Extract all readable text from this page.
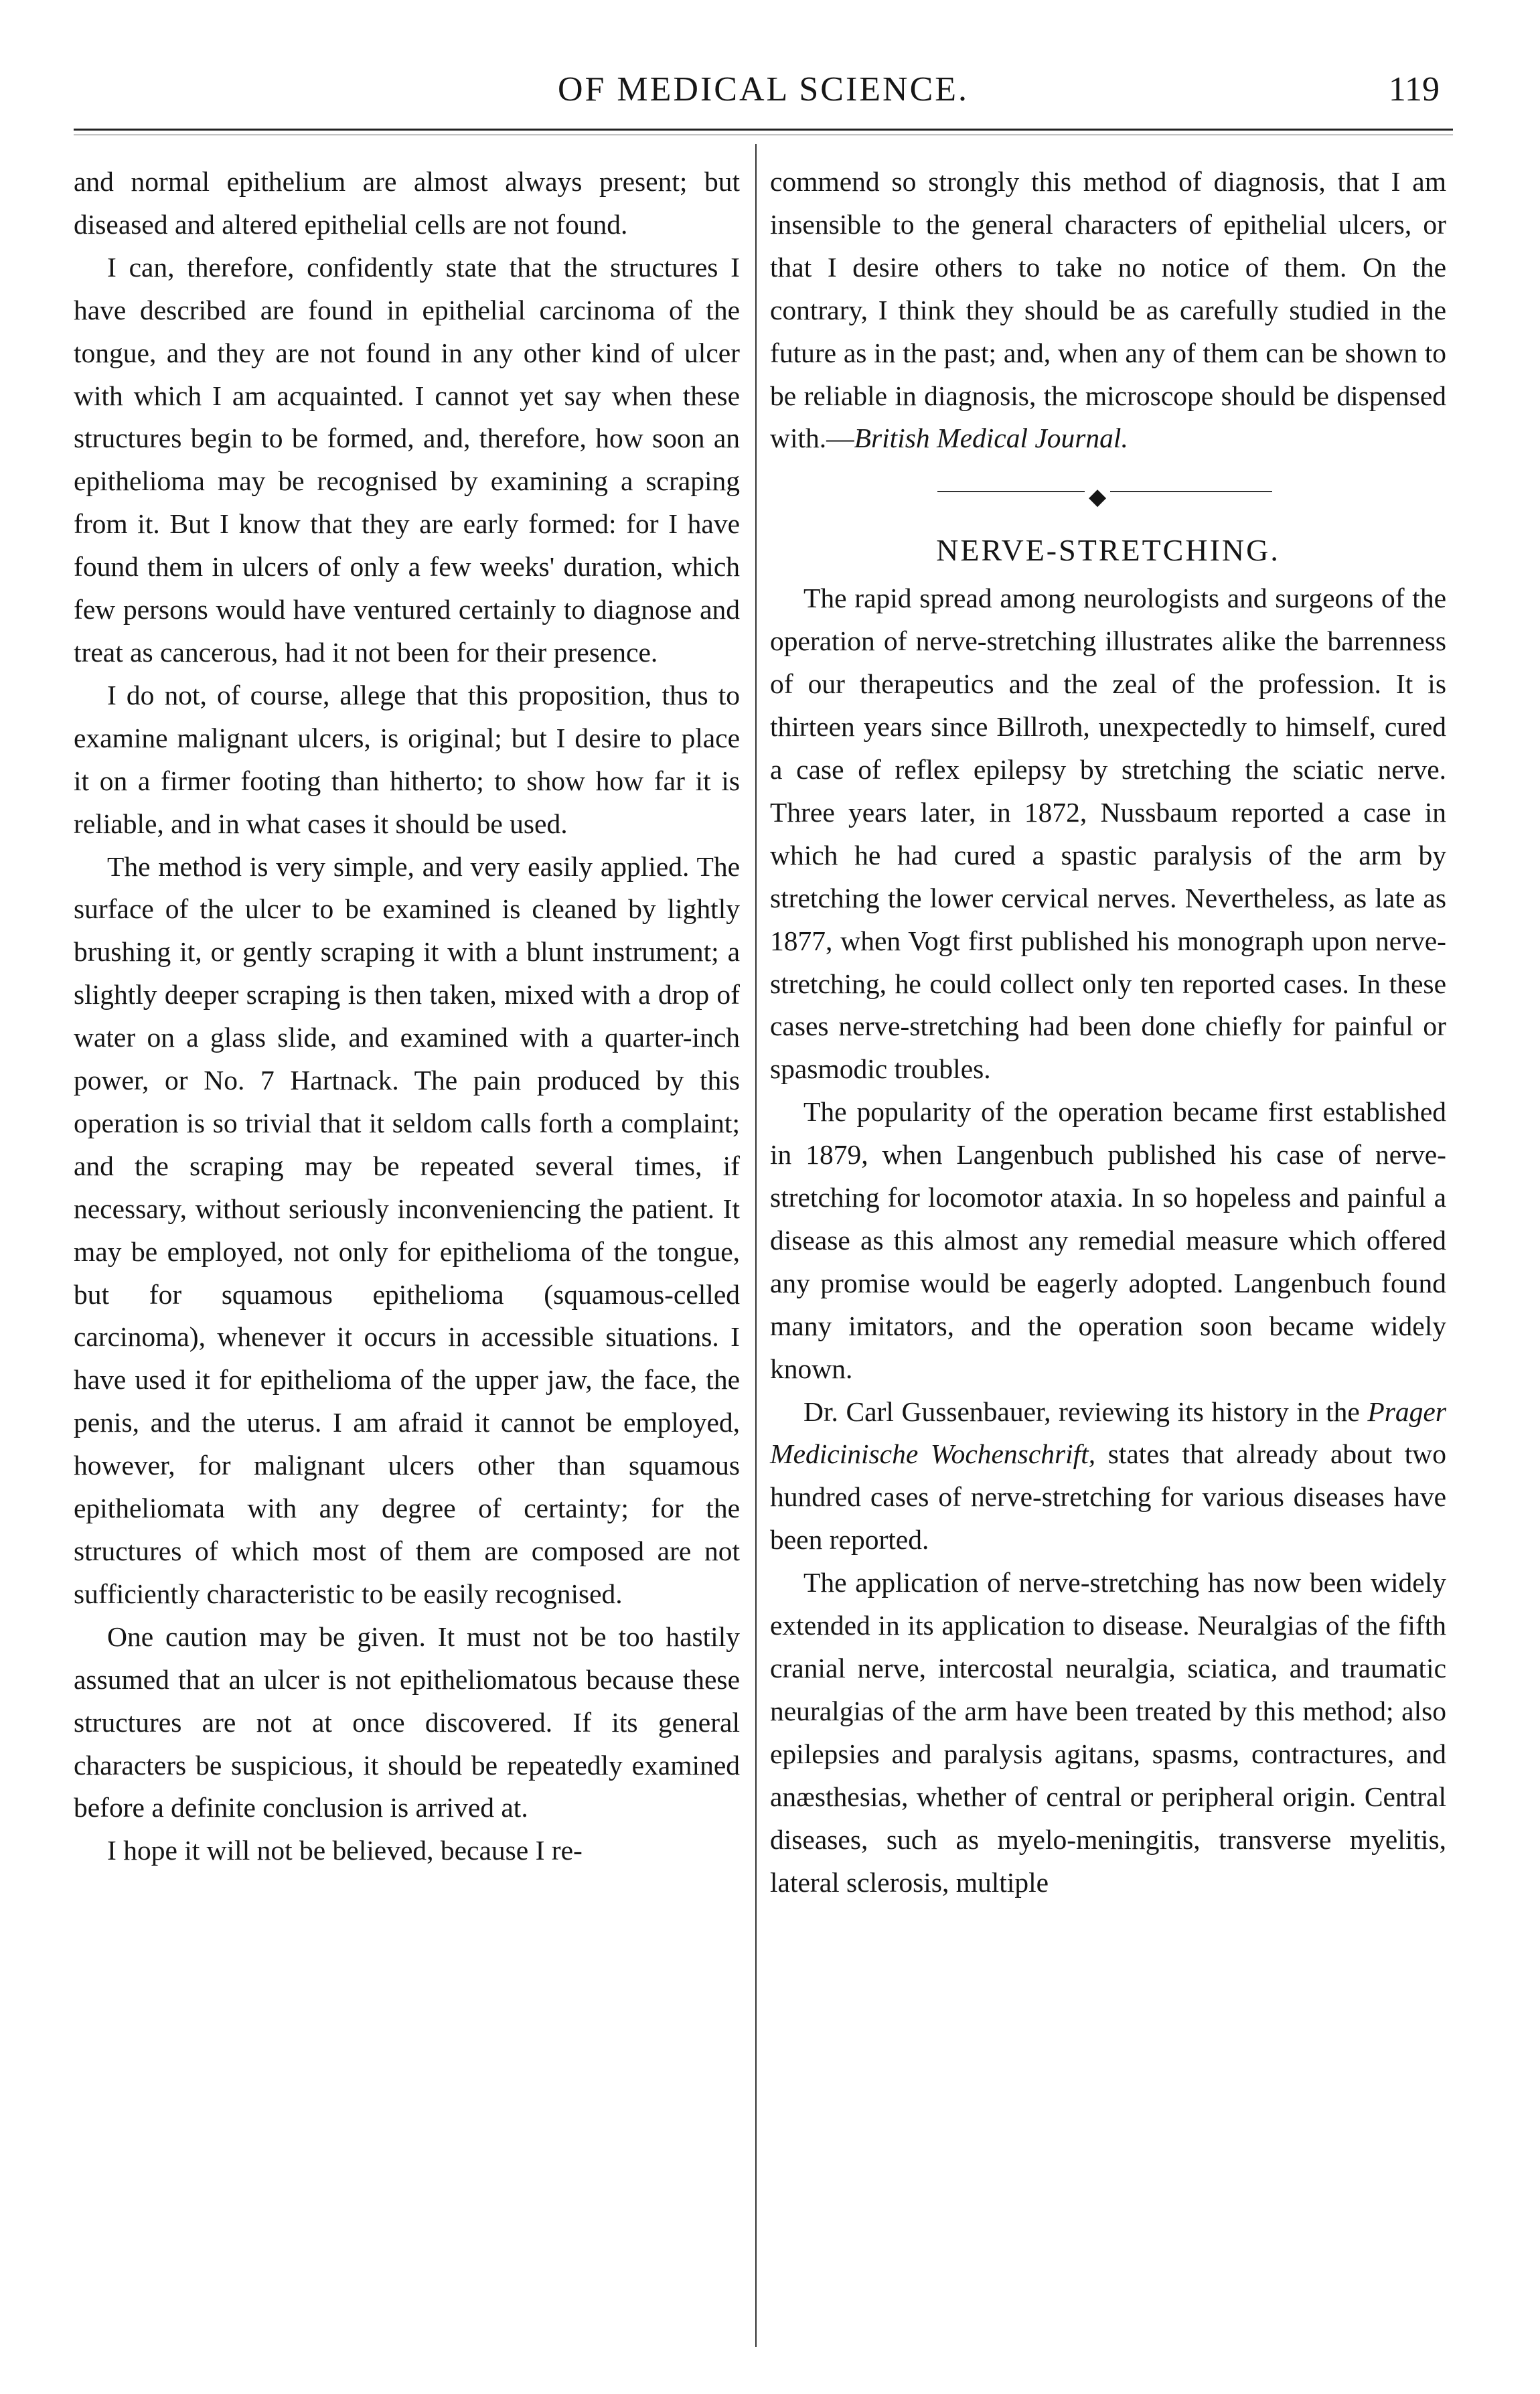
OF MEDICAL SCIENCE.	119

and normal epithelium are almost always present; but diseased and altered epithelial cells are not found.

I can, therefore, confidently state that the structures I have described are found in epithelial carcinoma of the tongue, and they are not found in any other kind of ulcer with which I am acquainted. I cannot yet say when these structures begin to be formed, and, therefore, how soon an epithelioma may be recognised by examining a scraping from it. But I know that they are early formed: for I have found them in ulcers of only a few weeks' duration, which few persons would have ventured certainly to diagnose and treat as cancerous, had it not been for their presence.

I do not, of course, allege that this proposition, thus to examine malignant ulcers, is original; but I desire to place it on a firmer footing than hitherto; to show how far it is reliable, and in what cases it should be used.

The method is very simple, and very easily applied. The surface of the ulcer to be examined is cleaned by lightly brushing it, or gently scraping it with a blunt instrument; a slightly deeper scraping is then taken, mixed with a drop of water on a glass slide, and examined with a quarter-inch power, or No. 7 Hartnack. The pain produced by this operation is so trivial that it seldom calls forth a complaint; and the scraping may be repeated several times, if necessary, without seriously inconveniencing the patient. It may be employed, not only for epithelioma of the tongue, but for squamous epithelioma (squamous-celled carcinoma), whenever it occurs in accessible situations. I have used it for epithelioma of the upper jaw, the face, the penis, and the uterus. I am afraid it cannot be employed, however, for malignant ulcers other than squamous epitheliomata with any degree of certainty; for the structures of which most of them are composed are not sufficiently characteristic to be easily recognised.

One caution may be given. It must not be too hastily assumed that an ulcer is not epitheliomatous because these structures are not at once discovered. If its general characters be suspicious, it should be repeatedly examined before a definite conclusion is arrived at.

I hope it will not be believed, because I re-

commend so strongly this method of diagnosis, that I am insensible to the general characters of epithelial ulcers, or that I desire others to take no notice of them. On the contrary, I think they should be as carefully studied in the future as in the past; and, when any of them can be shown to be reliable in diagnosis, the microscope should be dispensed with.—British Medical Journal.

◆
NERVE-STRETCHING.

The rapid spread among neurologists and surgeons of the operation of nerve-stretching illustrates alike the barrenness of our therapeutics and the zeal of the profession. It is thirteen years since Billroth, unexpectedly to himself, cured a case of reflex epilepsy by stretching the sciatic nerve. Three years later, in 1872, Nussbaum reported a case in which he had cured a spastic paralysis of the arm by stretching the lower cervical nerves. Nevertheless, as late as 1877, when Vogt first published his monograph upon nerve-stretching, he could collect only ten reported cases. In these cases nerve-stretching had been done chiefly for painful or spasmodic troubles.

The popularity of the operation became first established in 1879, when Langenbuch published his case of nerve-stretching for locomotor ataxia. In so hopeless and painful a disease as this almost any remedial measure which offered any promise would be eagerly adopted. Langenbuch found many imitators, and the operation soon became widely known.

Dr. Carl Gussenbauer, reviewing its history in the Prager Medicinische Wochenschrift, states that already about two hundred cases of nerve-stretching for various diseases have been reported.

The application of nerve-stretching has now been widely extended in its application to disease. Neuralgias of the fifth cranial nerve, intercostal neuralgia, sciatica, and traumatic neuralgias of the arm have been treated by this method; also epilepsies and paralysis agitans, spasms, contractures, and anæsthesias, whether of central or peripheral origin. Central diseases, such as myelo-meningitis, transverse myelitis, lateral sclerosis, multiple
